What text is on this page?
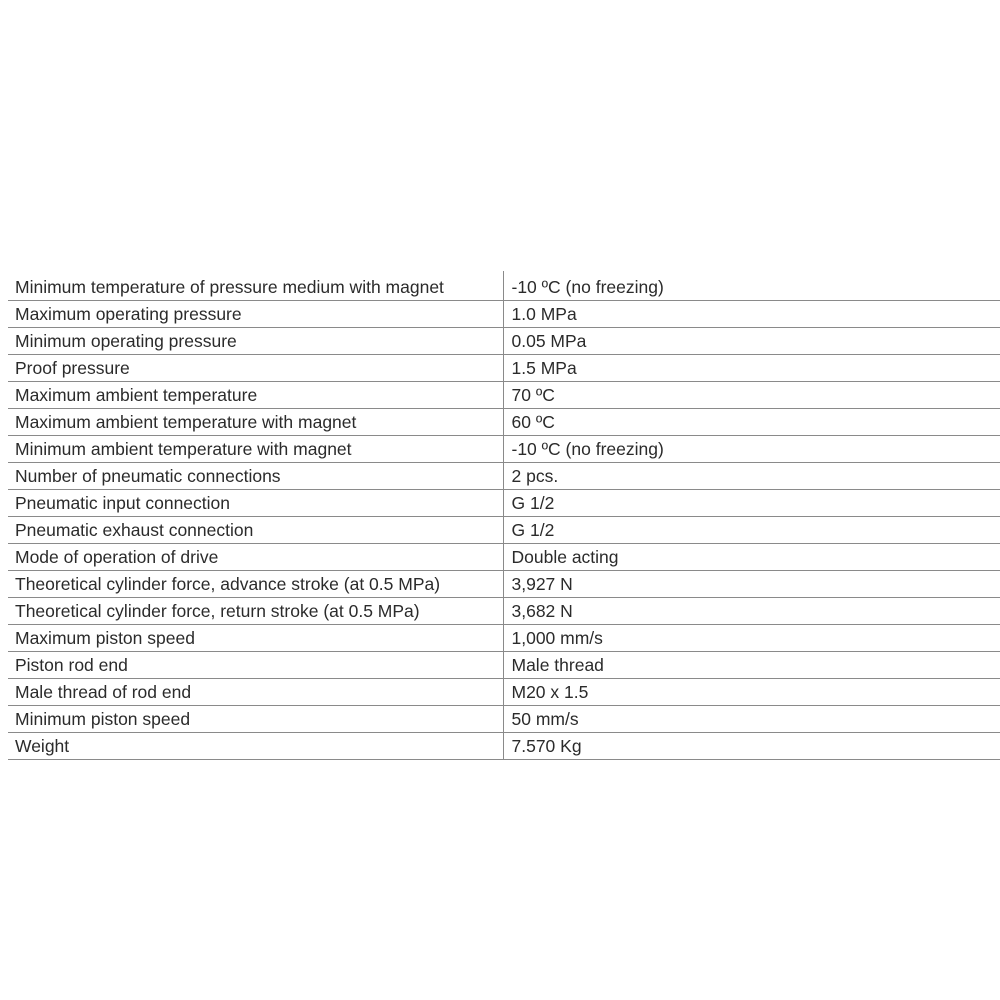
Minimum temperature of pressure medium with magnet	-10 ºC (no freezing)
Maximum operating pressure	1.0 MPa
Minimum operating pressure	0.05 MPa
Proof pressure	1.5 MPa
Maximum ambient temperature	70 ºC
Maximum ambient temperature with magnet	60 ºC
Minimum ambient temperature with magnet	-10 ºC (no freezing)
Number of pneumatic connections	2 pcs.
Pneumatic input connection	G 1/2
Pneumatic exhaust connection	G 1/2
Mode of operation of drive	Double acting
Theoretical cylinder force, advance stroke (at 0.5 MPa)	3,927 N
Theoretical cylinder force, return stroke (at 0.5 MPa)	3,682 N
Maximum piston speed	1,000 mm/s
Piston rod end	Male thread
Male thread of rod end	M20 x 1.5
Minimum piston speed	50 mm/s
Weight	7.570 Kg
